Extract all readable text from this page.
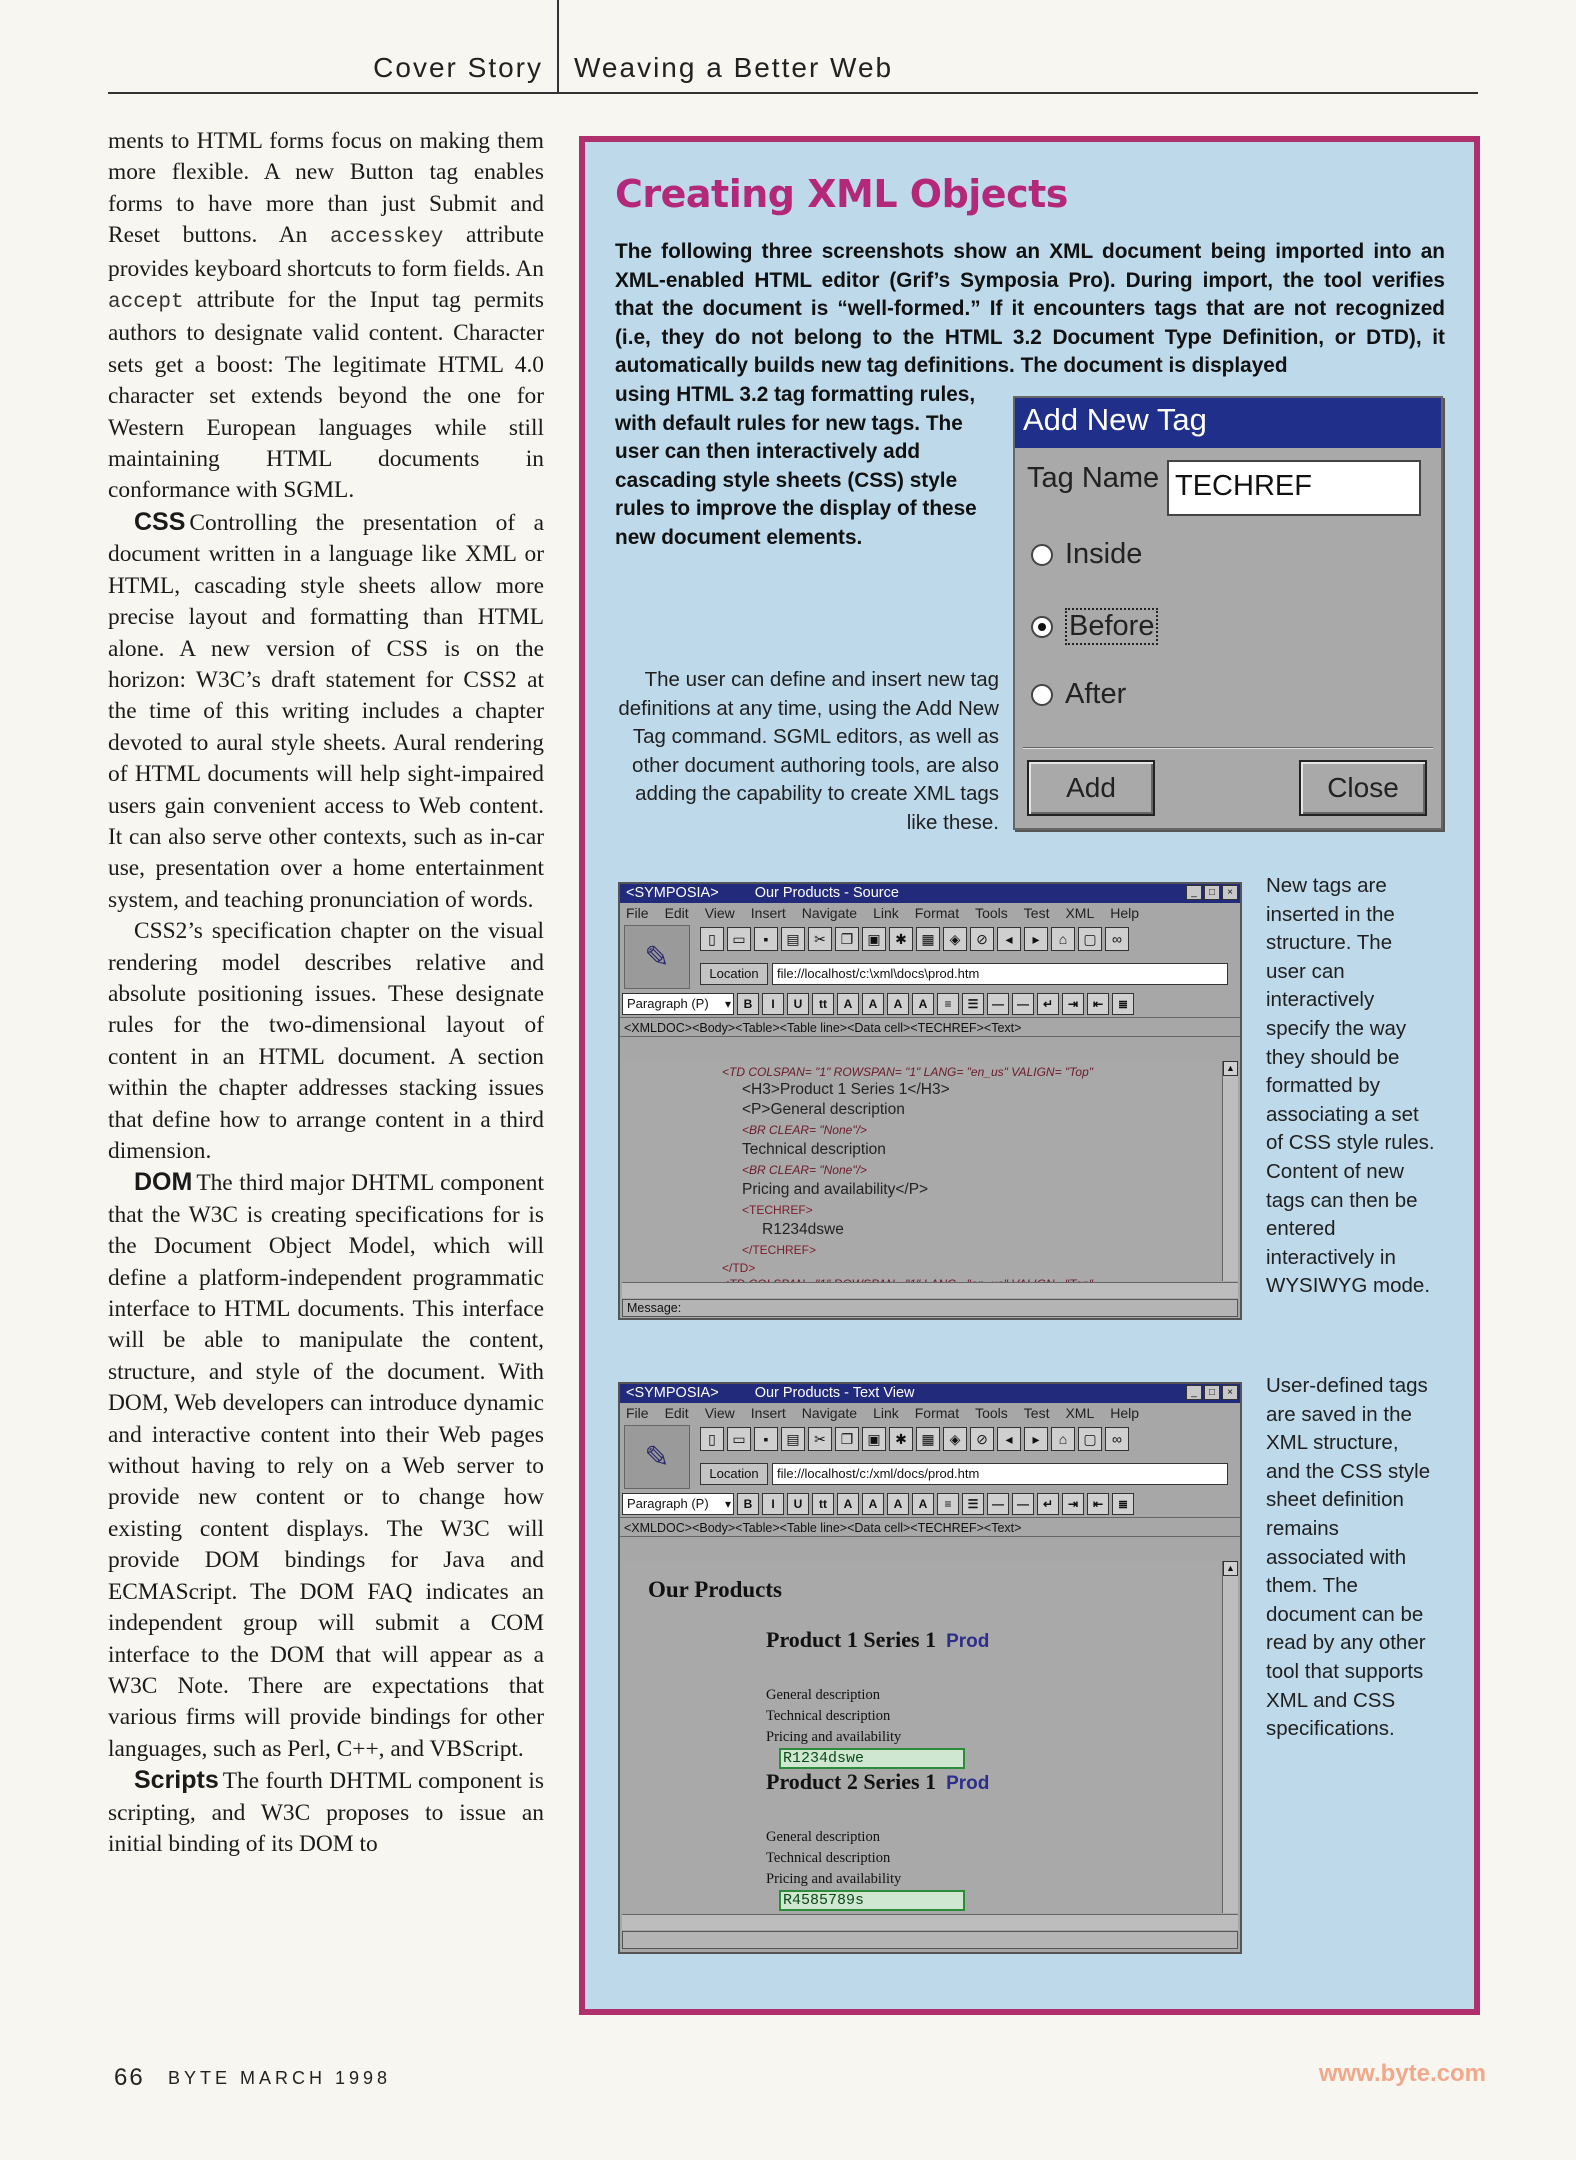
Cover Story Weaving a Better Web

ments to HTML forms focus on making them more flexible. A new Button tag enables forms to have more than just Submit and Reset buttons. An accesskey attribute provides keyboard shortcuts to form fields. An accept attribute for the Input tag permits authors to designate valid content. Character sets get a boost: The legitimate HTML 4.0 character set extends beyond the one for Western European languages while still maintaining HTML documents in conformance with SGML.

CSS Controlling the presentation of a document written in a language like XML or HTML, cascading style sheets allow more precise layout and formatting than HTML alone. A new version of CSS is on the horizon: W3C’s draft statement for CSS2 at the time of this writing includes a chapter devoted to aural style sheets. Aural rendering of HTML documents will help sight-impaired users gain convenient access to Web content. It can also serve other contexts, such as in-car use, presentation over a home entertainment system, and teaching pronunciation of words.

CSS2’s specification chapter on the visual rendering model describes relative and absolute positioning issues. These designate rules for the two-dimensional layout of content in an HTML document. A section within the chapter addresses stacking issues that define how to arrange content in a third dimension.

DOM The third major DHTML component that the W3C is creating specifications for is the Document Object Model, which will define a platform-independent programmatic interface to HTML documents. This interface will be able to manipulate the content, structure, and style of the document. With DOM, Web developers can introduce dynamic and interactive content into their Web pages without having to rely on a Web server to provide new content or to change how existing content displays. The W3C will provide DOM bindings for Java and ECMAScript. The DOM FAQ indicates an independent group will submit a COM interface to the DOM that will appear as a W3C Note. There are expectations that various firms will provide bindings for other languages, such as Perl, C++, and VBScript.

Scripts The fourth DHTML component is scripting, and W3C proposes to issue an initial binding of its DOM to

Creating XML Objects
The following three screenshots show an XML document being imported into an XML-enabled HTML editor (Grif’s Symposia Pro). During import, the tool verifies that the document is “well-formed.” If it encounters tags that are not recognized (i.e, they do not belong to the HTML 3.2 Document Type Definition, or DTD), it automatically builds new tag definitions. The document is displayed
using HTML 3.2 tag formatting rules, with default rules for new tags. The user can then interactively add cascading style sheets (CSS) style rules to improve the display of these new document elements.
The user can define and insert new tag definitions at any time, using the Add New Tag command. SGML editors, as well as other document authoring tools, are also adding the capability to create XML tags like these.
New tags are inserted in the structure. The user can interactively specify the way they should be formatted by associating a set of CSS style rules. Content of new tags can then be entered interactively in WYSIWYG mode.
User-defined tags are saved in the XML structure, and the CSS style sheet definition remains associated with them. The document can be read by any other tool that supports XML and CSS specifications.
Add New Tag
Tag Name TECHREF
Inside
Before
After
Add	Close
<SYMPOSIA> Our Products - Source	_	□	×
File Edit View Insert Navigate Link Format Tools Test XML Help
✎
▯	▭	▪	▤	✂	❐	▣	✱	▦	◈	⊘	◂	▸	⌂	▢	∞
Location	file://localhost/c:\xml\docs\prod.htm
Paragraph (P) ▾	B	I	U	tt	A	A	A	A	≡	☰	—	—	↵	⇥	⇤	≣
<XMLDOC><Body><Table><Table line><Data cell><TECHREF><Text>
<TD COLSPAN= "1" ROWSPAN= "1" LANG= "en_us" VALIGN= "Top"
<H3>Product 1 Series 1</H3>
<P>General description
<BR CLEAR= "None"/>
Technical description
<BR CLEAR= "None"/>
Pricing and availability</P>
<TECHREF>
R1234dswe
</TECHREF>
</TD>
▲
Message:
<SYMPOSIA> Our Products - Text View	_	□	×
File Edit View Insert Navigate Link Format Tools Test XML Help
✎
▯	▭	▪	▤	✂	❐	▣	✱	▦	◈	⊘	◂	▸	⌂	▢	∞
Location	file://localhost/c:/xml/docs/prod.htm
Paragraph (P) ▾	B	I	U	tt	A	A	A	A	≡	☰	—	—	↵	⇥	⇤	≣
<XMLDOC><Body><Table><Table line><Data cell><TECHREF><Text>
Our Products
Product 1 Series 1 Prod
General description
Technical description
Pricing and availability
R1234dswe
Product 2 Series 1 Prod
General description
Technical description
Pricing and availability
R4585789s
▲
66 BYTE MARCH 1998	www.byte.com
